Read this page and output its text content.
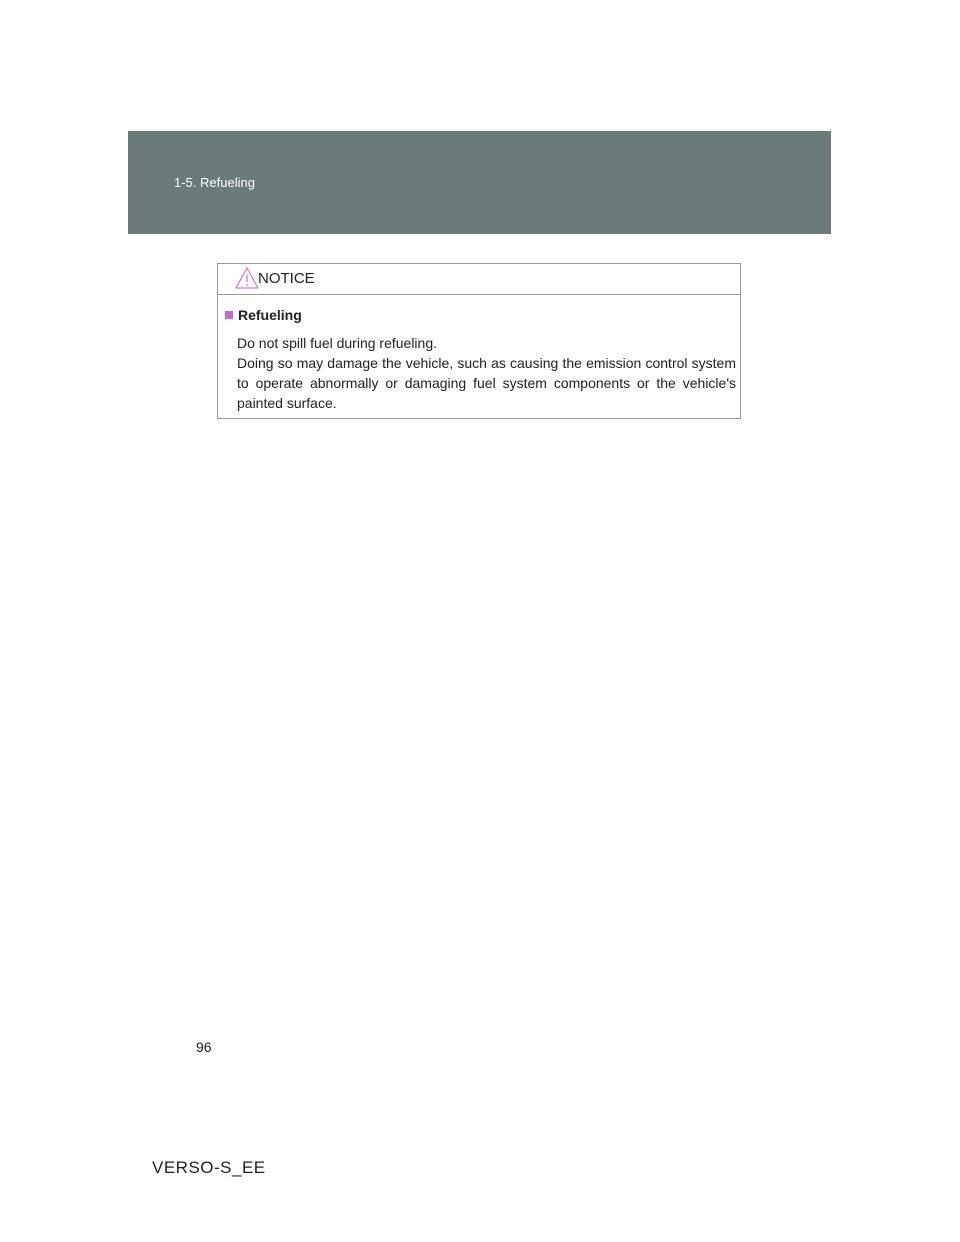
1-5. Refueling
NOTICE
Refueling

Do not spill fuel during refueling.

Doing so may damage the vehicle, such as causing the emission control system to operate abnormally or damaging fuel system components or the vehicle's painted surface.

96
VERSO-S_EE
